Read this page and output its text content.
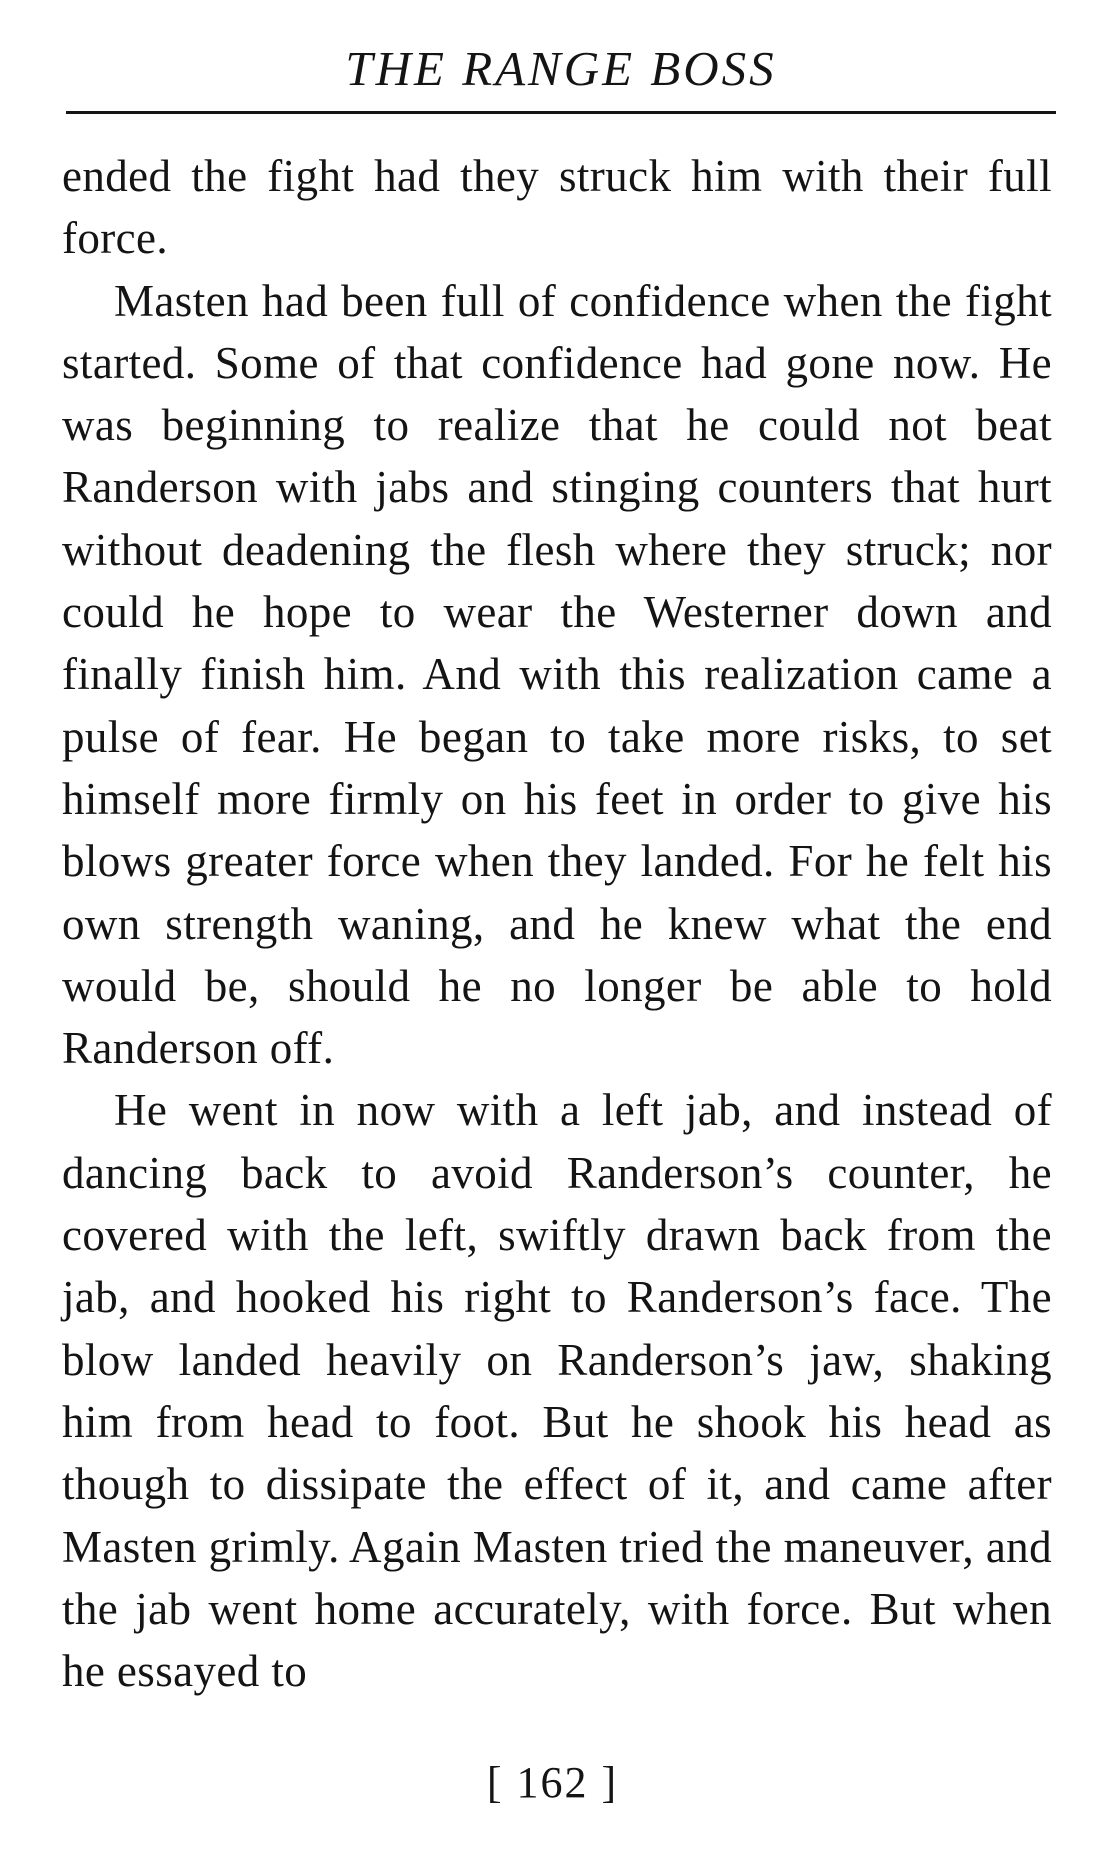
THE RANGE BOSS

ended the fight had they struck him with their full force.

Masten had been full of confidence when the fight started. Some of that confidence had gone now. He was beginning to realize that he could not beat Randerson with jabs and stinging counters that hurt without deadening the flesh where they struck; nor could he hope to wear the Westerner down and finally finish him. And with this realization came a pulse of fear. He began to take more risks, to set himself more firmly on his feet in order to give his blows greater force when they landed. For he felt his own strength waning, and he knew what the end would be, should he no longer be able to hold Randerson off.

He went in now with a left jab, and instead of dancing back to avoid Randerson’s counter, he covered with the left, swiftly drawn back from the jab, and hooked his right to Randerson’s face. The blow landed heavily on Randerson’s jaw, shaking him from head to foot. But he shook his head as though to dissipate the effect of it, and came after Masten grimly. Again Masten tried the maneuver, and the jab went home accurately, with force. But when he essayed to

[ 162 ]
